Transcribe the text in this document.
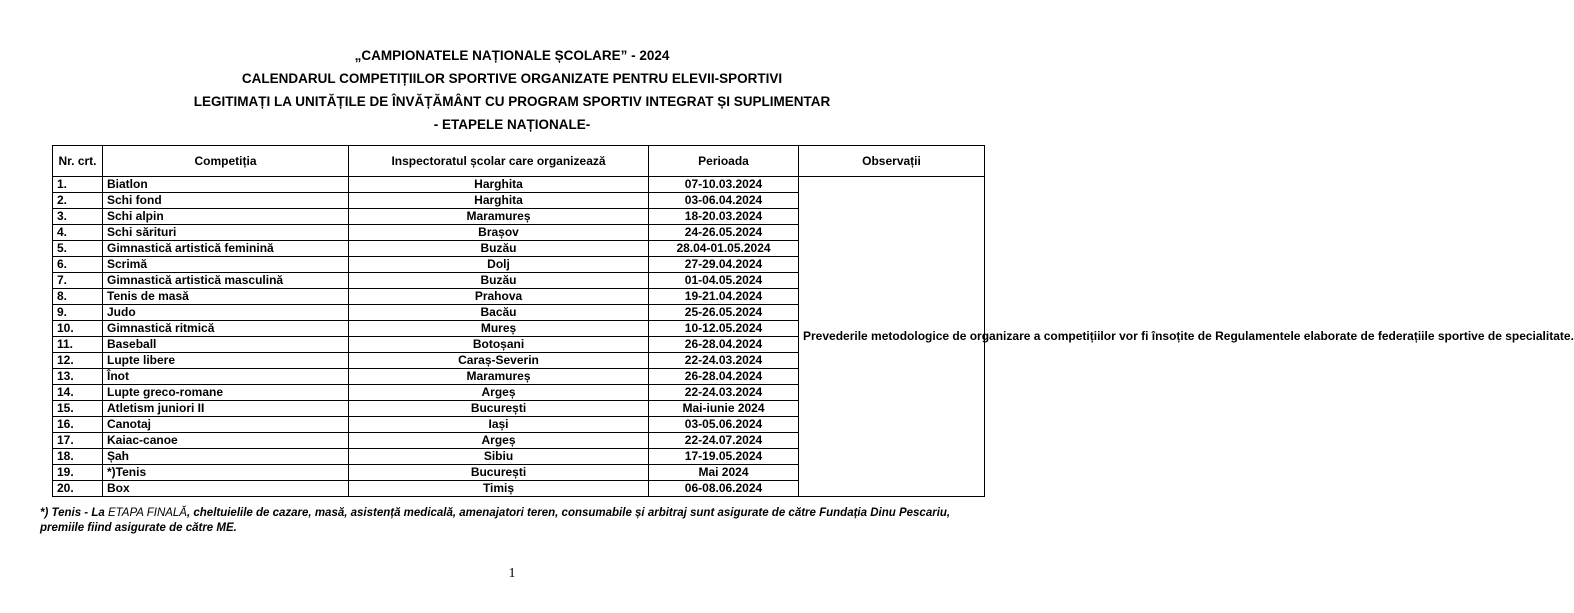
„CAMPIONATELE NAȚIONALE ȘCOLARE” - 2024
CALENDARUL COMPETIȚIILOR SPORTIVE ORGANIZATE PENTRU ELEVII-SPORTIVI
LEGITIMAȚI LA UNITĂȚILE DE ÎNVĂȚĂMÂNT CU PROGRAM SPORTIV INTEGRAT ȘI SUPLIMENTAR
- ETAPELE NAȚIONALE-
Nr. crt.	Competiția	Inspectoratul școlar care organizează	Perioada	Observații
1.	Biatlon	Harghita	07-10.03.2024	Prevederile metodologice de organizare a competițiilor vor fi însoțite de Regulamentele elaborate de federațiile sportive de specialitate.
2.	Schi fond	Harghita	03-06.04.2024	
3.	Schi alpin	Maramureș	18-20.03.2024	
4.	Schi sărituri	Brașov	24-26.05.2024	
5.	Gimnastică artistică feminină	Buzău	28.04-01.05.2024	
6.	Scrimă	Dolj	27-29.04.2024	
7.	Gimnastică artistică masculină	Buzău	01-04.05.2024	
8.	Tenis de masă	Prahova	19-21.04.2024	
9.	Judo	Bacău	25-26.05.2024	
10.	Gimnastică ritmică	Mureș	10-12.05.2024	
11.	Baseball	Botoșani	26-28.04.2024	
12.	Lupte libere	Caraș-Severin	22-24.03.2024	
13.	Înot	Maramureș	26-28.04.2024	
14.	Lupte greco-romane	Argeș	22-24.03.2024	
15.	Atletism juniori II	București	Mai-iunie 2024	
16.	Canotaj	Iași	03-05.06.2024	
17.	Kaiac-canoe	Argeș	22-24.07.2024	
18.	Șah	Sibiu	17-19.05.2024	
19.	*)Tenis	București	Mai 2024	
20.	Box	Timiș	06-08.06.2024	
*) Tenis - La ETAPA FINALĂ, cheltuielile de cazare, masă, asistență medicală, amenajatori teren, consumabile și arbitraj sunt asigurate de către Fundația Dinu Pescariu, premiile fiind asigurate de către ME.
1
